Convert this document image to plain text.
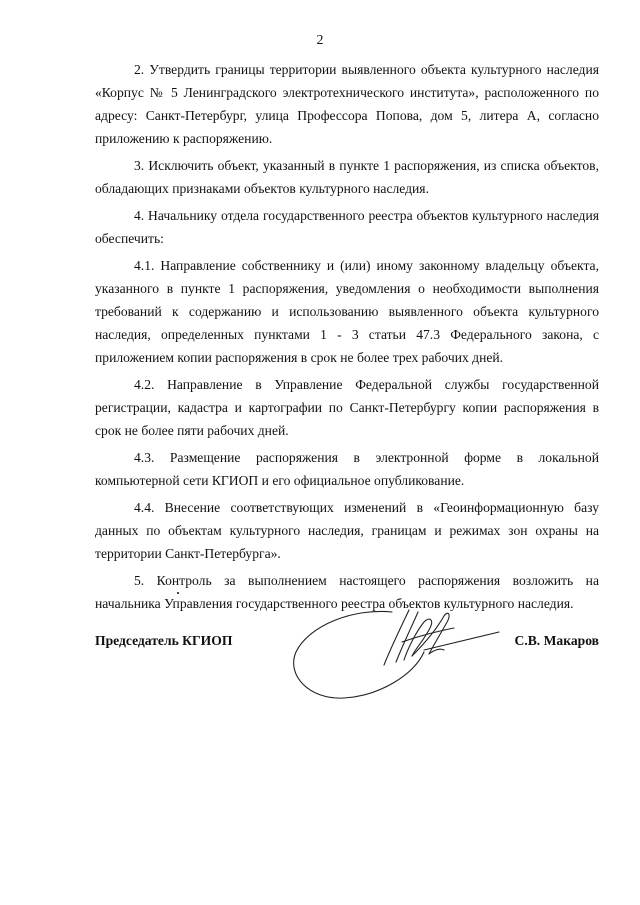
2

2. Утвердить границы территории выявленного объекта культурного наследия «Корпус № 5 Ленинградского электротехнического института», расположенного по адресу: Санкт-Петербург, улица Профессора Попова, дом 5, литера А, согласно приложению к распоряжению.

3. Исключить объект, указанный в пункте 1 распоряжения, из списка объектов, обладающих признаками объектов культурного наследия.

4. Начальнику отдела государственного реестра объектов культурного наследия обеспечить:

4.1. Направление собственнику и (или) иному законному владельцу объекта, указанного в пункте 1 распоряжения, уведомления о необходимости выполнения требований к содержанию и использованию выявленного объекта культурного наследия, определенных пунктами 1 - 3 статьи 47.3 Федерального закона, с приложением копии распоряжения в срок не более трех рабочих дней.

4.2. Направление в Управление Федеральной службы государственной регистрации, кадастра и картографии по Санкт-Петербургу копии распоряжения в срок не более пяти рабочих дней.

4.3. Размещение распоряжения в электронной форме в локальной компьютерной сети КГИОП и его официальное опубликование.

4.4. Внесение соответствующих изменений в «Геоинформационную базу данных по объектам культурного наследия, границам и режимах зон охраны на территории Санкт-Петербурга».

5. Контроль за выполнением настоящего распоряжения возложить на начальника Управления государственного реестра объектов культурного наследия.

Председатель КГИОП	С.В. Макаров
